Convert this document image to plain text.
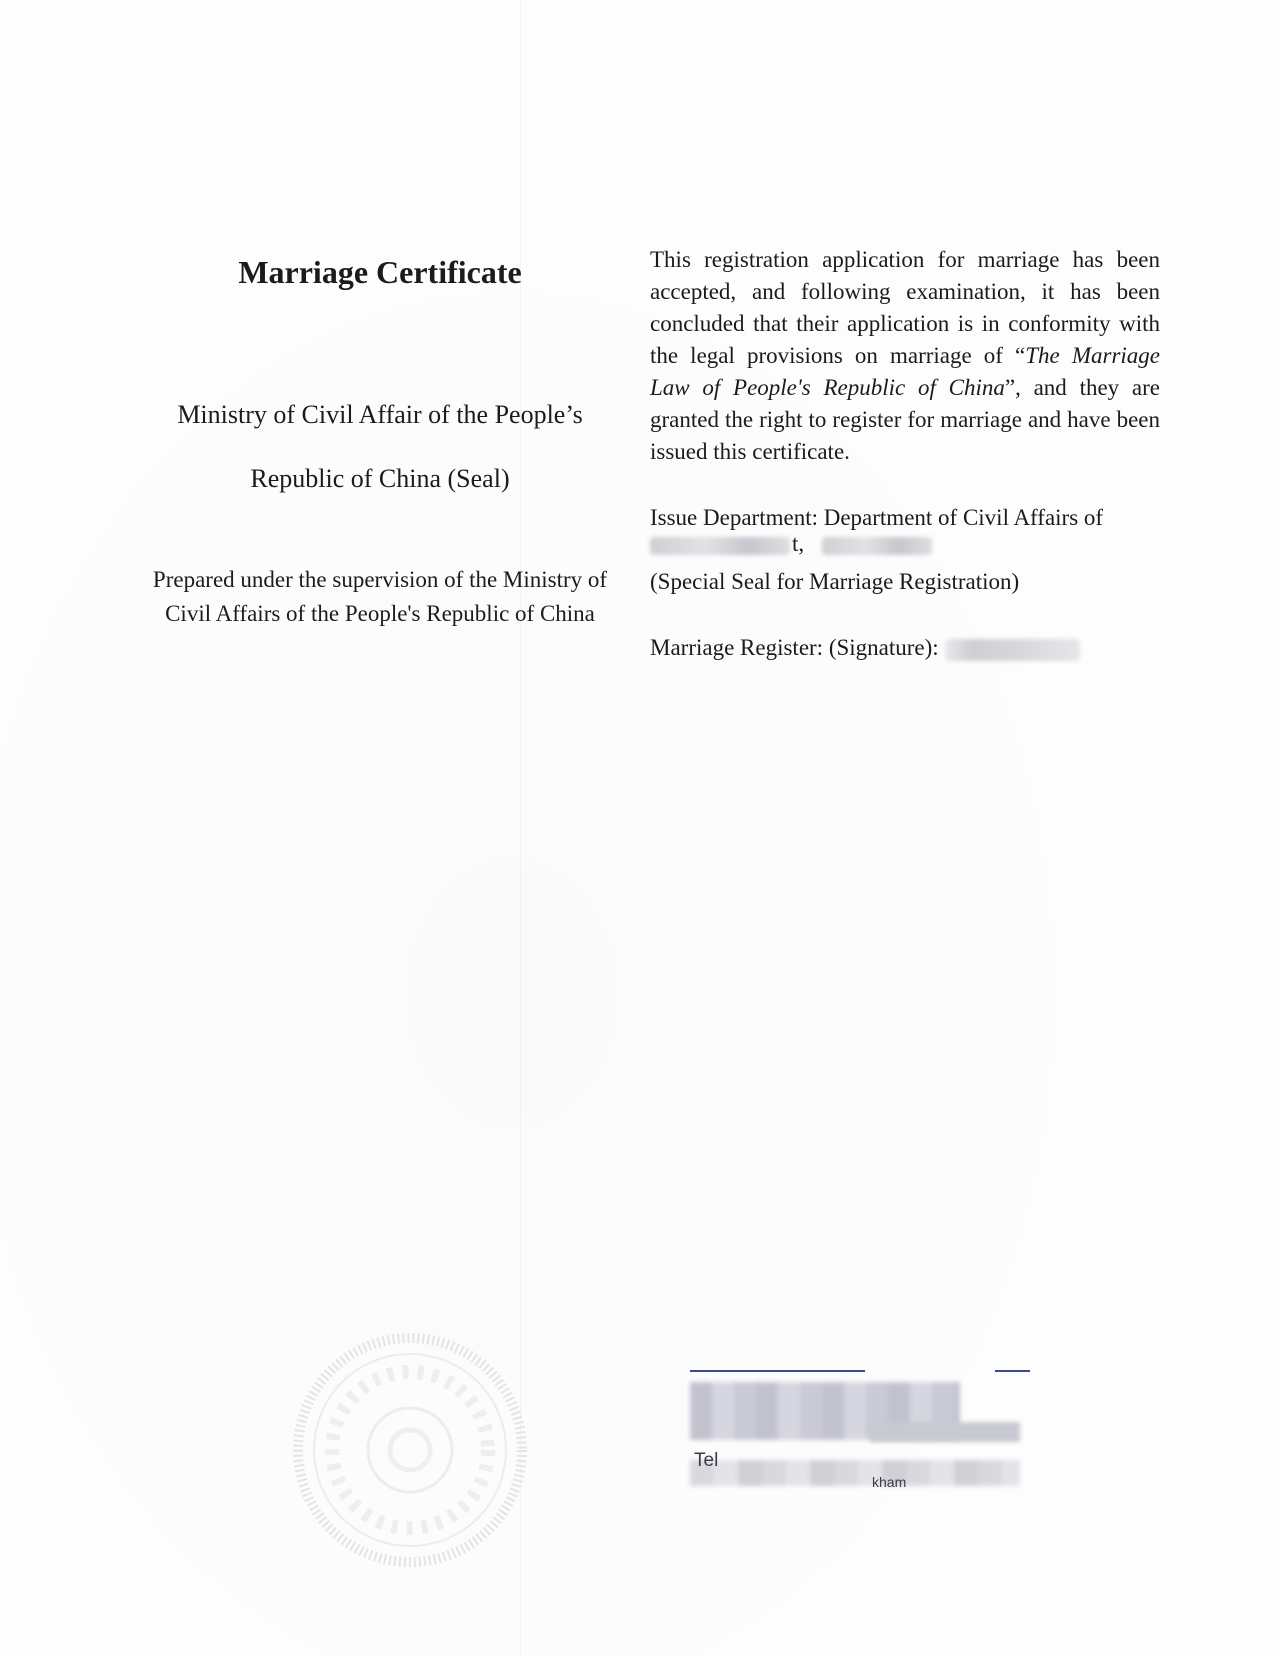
Marriage Certificate
Ministry of Civil Affair of the People’s
Republic of China (Seal)
Prepared under the supervision of the Ministry of
Civil Affairs of the People's Republic of China
This registration application for marriage has been accepted, and following examination, it has been concluded that their application is in conformity with the legal provisions on marriage of “The Marriage Law of People's Republic of China”, and they are granted the right to register for marriage and have been issued this certificate.
Issue Department: Department of Civil Affairs of
t,
(Special Seal for Marriage Registration)
Marriage Register: (Signature):
Tel
kham
